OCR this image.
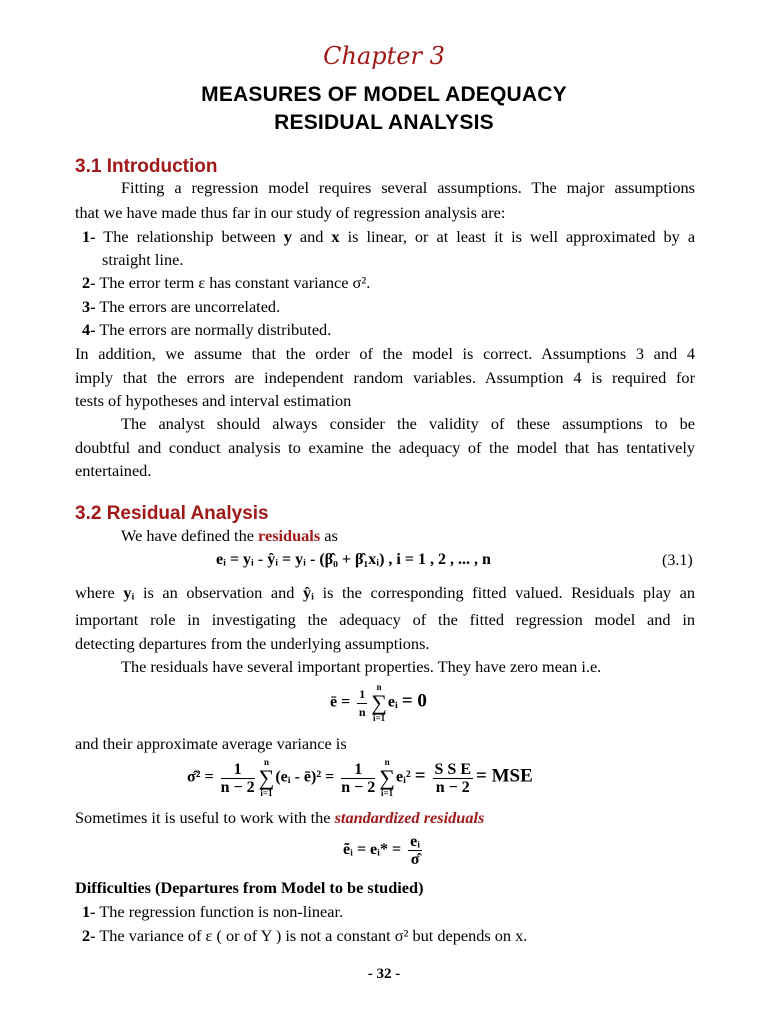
Chapter 3
MEASURES OF MODEL ADEQUACY
RESIDUAL ANALYSIS
3.1 Introduction
Fitting a regression model requires several assumptions. The major assumptions
that we have made thus far in our study of regression analysis are:
1- The relationship between y and x is linear, or at least it is well approximated by a
straight line.
2- The error term ε has constant variance σ².
3- The errors are uncorrelated.
4- The errors are normally distributed.
In addition, we assume that the order of the model is correct. Assumptions 3 and 4
imply that the errors are independent random variables. Assumption 4 is required for
tests of hypotheses and interval estimation
The analyst should always consider the validity of these assumptions to be
doubtful and conduct analysis to examine the adequacy of the model that has tentatively
entertained.
3.2 Residual Analysis
We have defined the residuals as
eᵢ = yᵢ - ŷᵢ = yᵢ - (β̂₀ + β̂₁xᵢ) , i = 1 , 2 , ... , n	(3.1)
where yᵢ is an observation and ŷᵢ is the corresponding fitted valued. Residuals play an
important role in investigating the adequacy of the fitted regression model and in
detecting departures from the underlying assumptions.
The residuals have several important properties. They have zero mean i.e.
ē = $\frac{1}{n}$	n
∑
i=1
eᵢ = 0
and their approximate average variance is
σ̂² = $\frac{1}{n - 2}$	n
∑
i=1
(eᵢ - ē)² = $\frac{1}{n - 2}$	n
∑
i=1
eᵢ² = $\frac{\text{S S E}}{n - 2}$ = MSE
Sometimes it is useful to work with the standardized residuals
ẽᵢ = eᵢ* = $\frac{\text{eᵢ}}{\sigmâ}$
Difficulties (Departures from Model to be studied)
1- The regression function is non-linear.
2- The variance of ε ( or of Y ) is not a constant σ² but depends on x.
- 32 -
